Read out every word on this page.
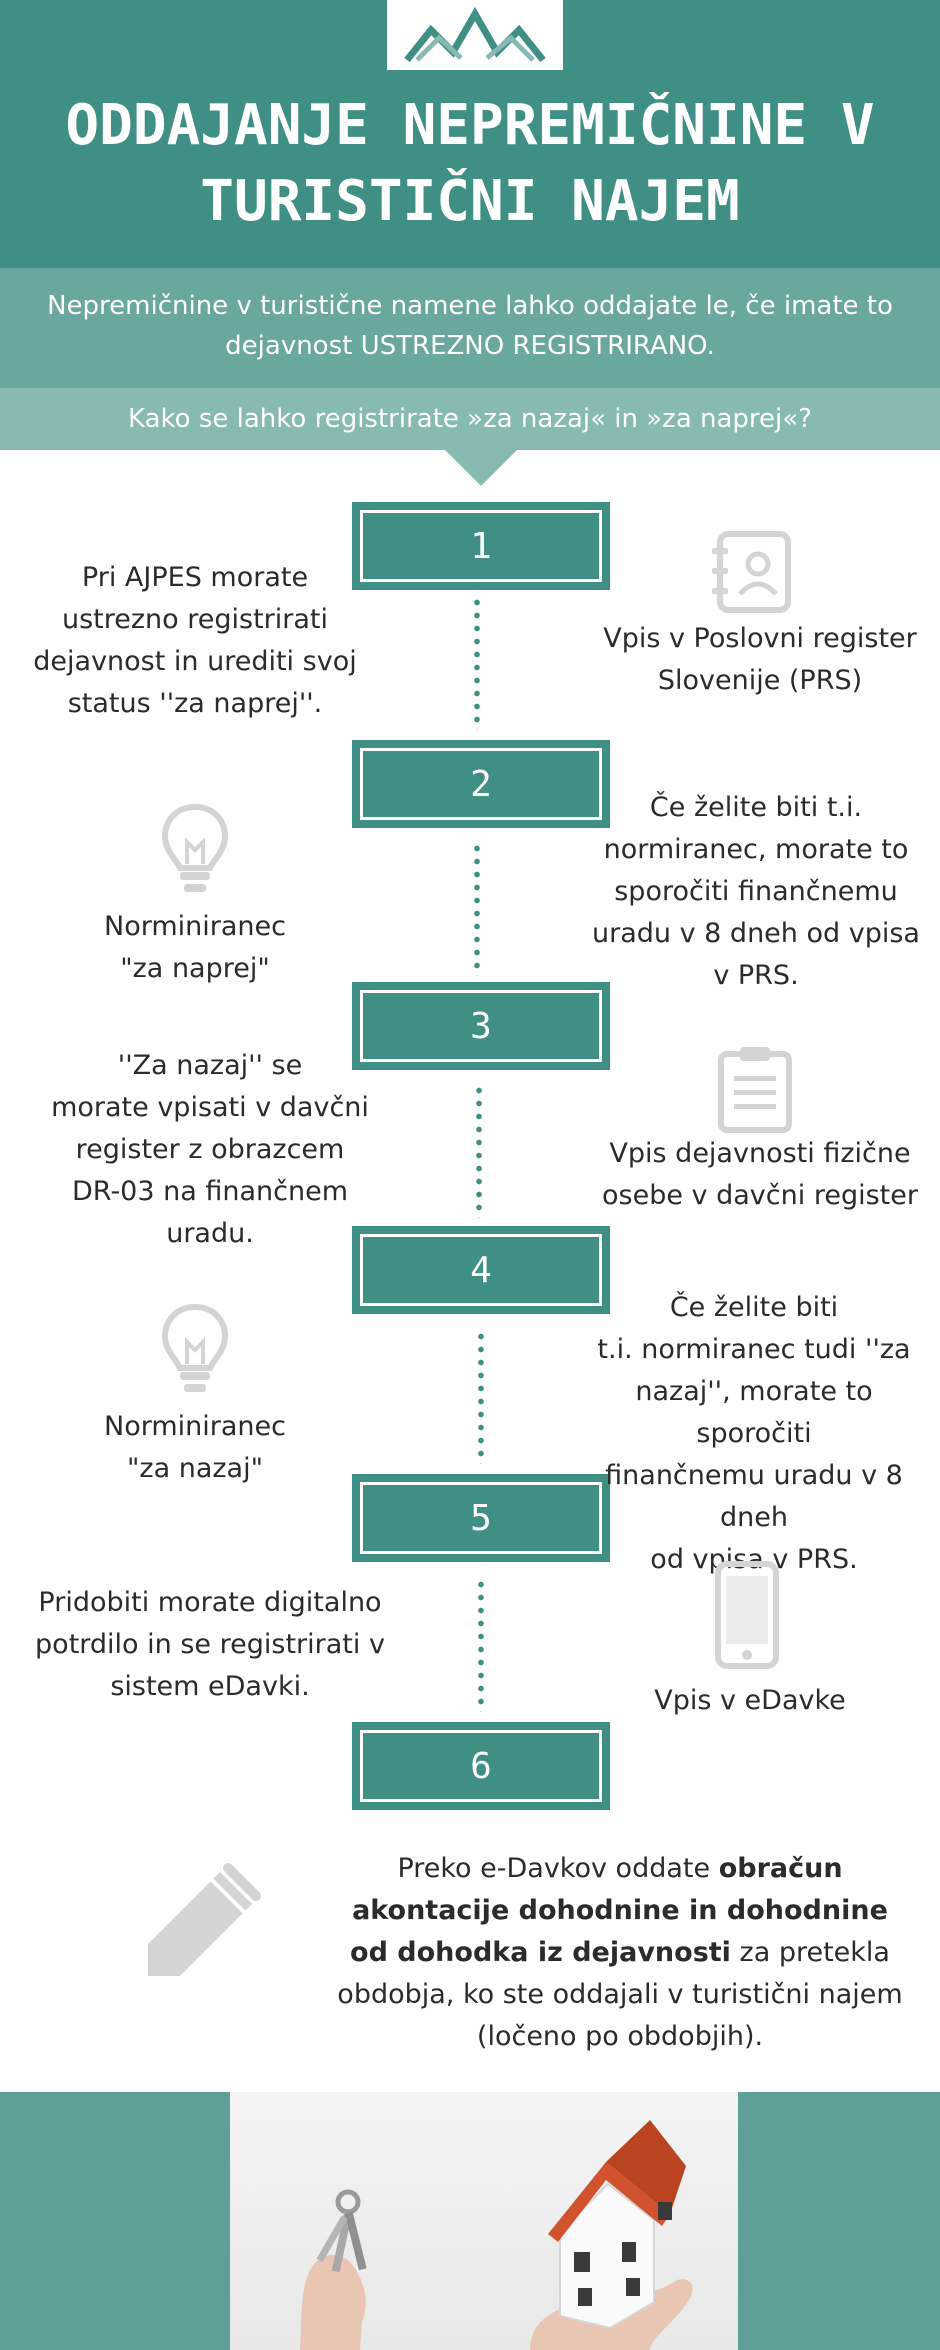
ODDAJANJE NEPREMIČNINE V
TURISTIČNI NAJEM

Nepremičnine v turistične namene lahko oddajate le, če imate to
dejavnost USTREZNO REGISTRIRANO.

Kako se lahko registrirate »za nazaj« in »za naprej«?

1
2
3
4
5
6
Pri AJPES morate
ustrezno registrirati
dejavnost in urediti svoj
status ''za naprej''.
Vpis v Poslovni register
Slovenije (PRS)
Norminiranec
"za naprej"
Če želite biti t.i.
normiranec, morate to
sporočiti finančnemu
uradu v 8 dneh od vpisa
v PRS.
''Za nazaj'' se
morate vpisati v davčni
register z obrazcem
DR-03 na finančnem
uradu.
Vpis dejavnosti fizične
osebe v davčni register
Norminiranec
"za nazaj"
Če želite biti
t.i. normiranec tudi ''za
nazaj'', morate to sporočiti
finančnemu uradu v 8 dneh
od vpisa v PRS.
Pridobiti morate digitalno
potrdilo in se registrirati v
sistem eDavki.	Vpis v eDavke
Preko e-Davkov oddate obračun akontacije dohodnine in dohodnine od dohodka iz dejavnosti za pretekla obdobja, ko ste oddajali v turistični najem (ločeno po obdobjih).
